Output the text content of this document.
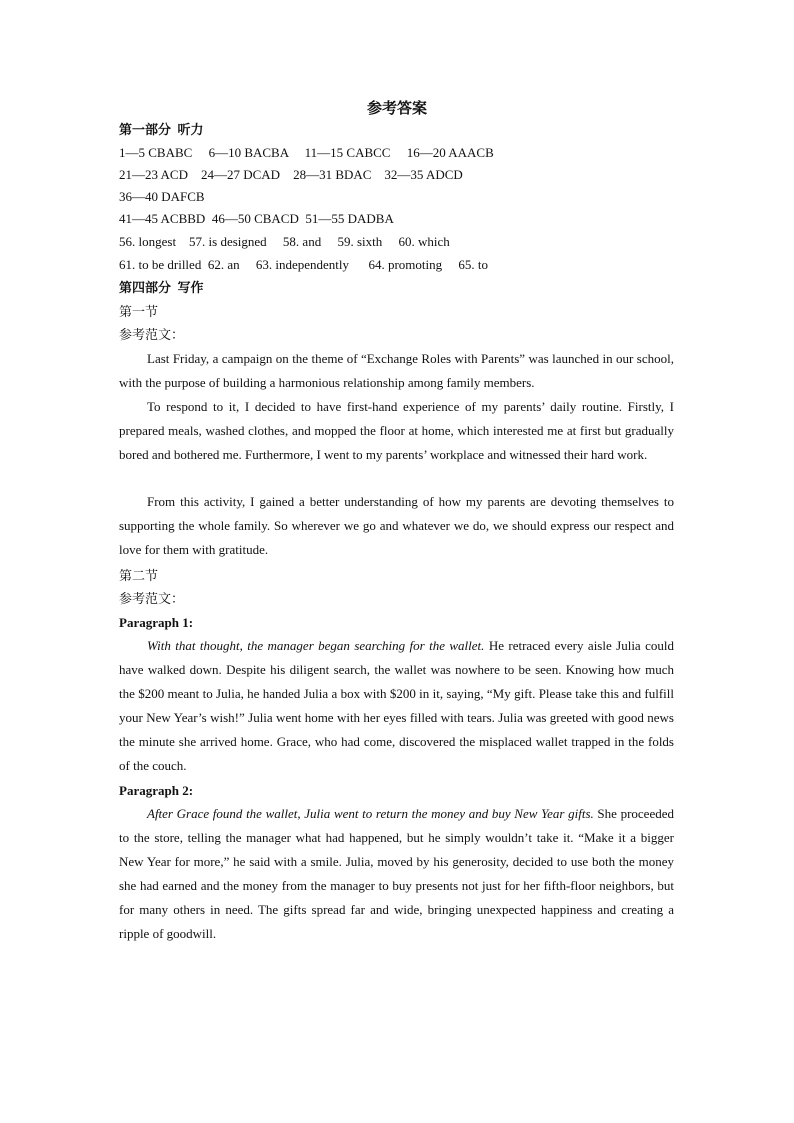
参考答案
第一部分  听力
1—5 CBABC     6—10 BACBA     11—15 CABCC     16—20 AAACB
21—23 ACD    24—27 DCAD    28—31 BDAC    32—35 ADCD
36—40 DAFCB
41—45 ACBBD  46—50 CBACD  51—55 DADBA
56. longest    57. is designed     58. and     59. sixth     60. which
61. to be drilled  62. an     63. independently      64. promoting     65. to
第四部分  写作
第一节
参考范文：
Last Friday, a campaign on the theme of “Exchange Roles with Parents” was launched in our school, with the purpose of building a harmonious relationship among family members.
To respond to it, I decided to have first-hand experience of my parents’ daily routine. Firstly, I prepared meals, washed clothes, and mopped the floor at home, which interested me at first but gradually bored and bothered me. Furthermore, I went to my parents’ workplace and witnessed their hard work.
From this activity, I gained a better understanding of how my parents are devoting themselves to supporting the whole family. So wherever we go and whatever we do, we should express our respect and love for them with gratitude.
第二节
参考范文：
Paragraph 1:
With that thought, the manager began searching for the wallet. He retraced every aisle Julia could have walked down. Despite his diligent search, the wallet was nowhere to be seen. Knowing how much the $200 meant to Julia, he handed Julia a box with $200 in it, saying, “My gift. Please take this and fulfill your New Year’s wish!” Julia went home with her eyes filled with tears. Julia was greeted with good news the minute she arrived home. Grace, who had come, discovered the misplaced wallet trapped in the folds of the couch.
Paragraph 2:
After Grace found the wallet, Julia went to return the money and buy New Year gifts. She proceeded to the store, telling the manager what had happened, but he simply wouldn’t take it. “Make it a bigger New Year for more,” he said with a smile. Julia, moved by his generosity, decided to use both the money she had earned and the money from the manager to buy presents not just for her fifth-floor neighbors, but for many others in need. The gifts spread far and wide, bringing unexpected happiness and creating a ripple of goodwill.
